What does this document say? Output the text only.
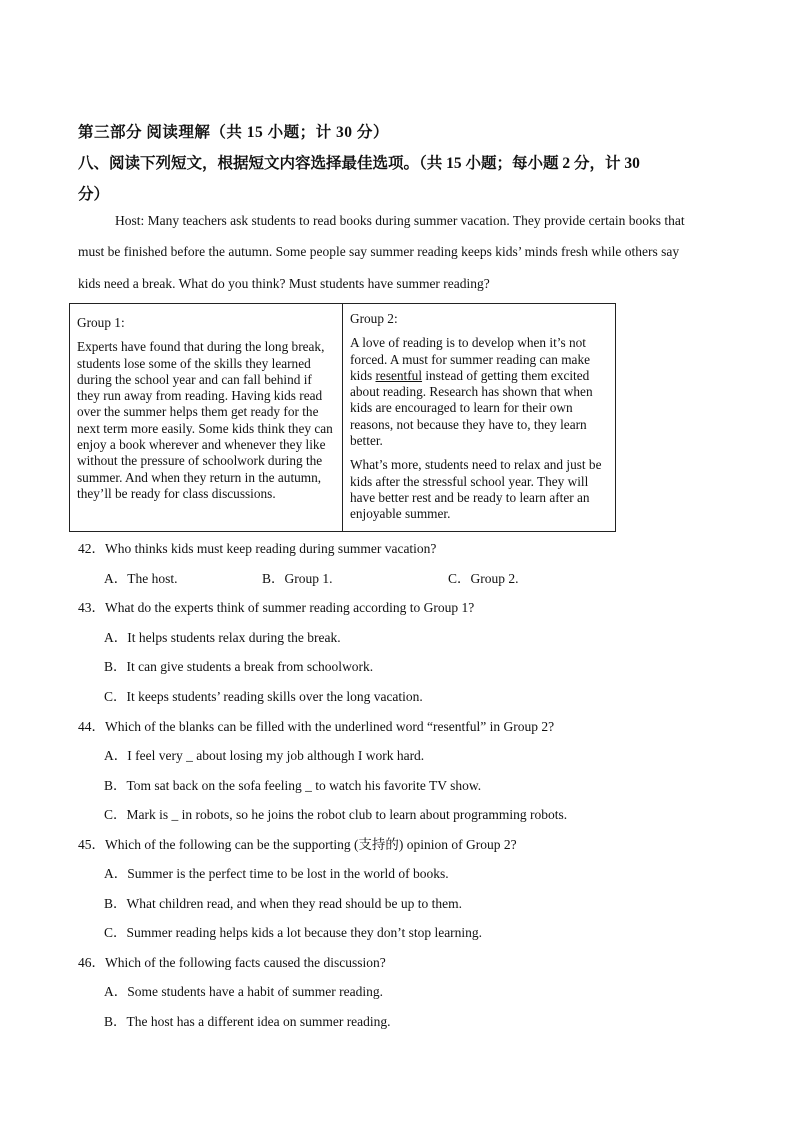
第三部分 阅读理解（共 15 小题；计 30 分）
八、阅读下列短文，根据短文内容选择最佳选项。（共 15 小题；每小题 2 分，计 30
分）
Host: Many teachers ask students to read books during summer vacation. They provide certain books that
must be finished before the autumn. Some people say summer reading keeps kids’ minds fresh while others say
kids need a break. What do you think? Must students have summer reading?

Group 1:

Experts have found that during the long break, students lose some of the skills they learned during the school year and can fall behind if they run away from reading. Having kids read over the summer helps them get ready for the next term more easily. Some kids think they can enjoy a book wherever and whenever they like without the pressure of schoolwork during the summer. And when they return in the autumn, they’ll be ready for class discussions.

Group 2:

A love of reading is to develop when it’s not forced. A must for summer reading can make kids resentful instead of getting them excited about reading. Research has shown that when kids are encouraged to learn for their own reasons, not because they have to, they learn better.

What’s more, students need to relax and just be kids after the stressful school year. They will have better rest and be ready to learn after an enjoyable summer.

42．Who thinks kids must keep reading during summer vacation?
A．The host.	B．Group 1.	C．Group 2.
43．What do the experts think of summer reading according to Group 1?
A．It helps students relax during the break.
B．It can give students a break from schoolwork.
C．It keeps students’ reading skills over the long vacation.
44．Which of the blanks can be filled with the underlined word “resentful” in Group 2?
A．I feel very _ about losing my job although I work hard.
B．Tom sat back on the sofa feeling _ to watch his favorite TV show.
C．Mark is _ in robots, so he joins the robot club to learn about programming robots.
45．Which of the following can be the supporting (支持的) opinion of Group 2?
A．Summer is the perfect time to be lost in the world of books.
B．What children read, and when they read should be up to them.
C．Summer reading helps kids a lot because they don’t stop learning.
46．Which of the following facts caused the discussion?
A．Some students have a habit of summer reading.
B．The host has a different idea on summer reading.
